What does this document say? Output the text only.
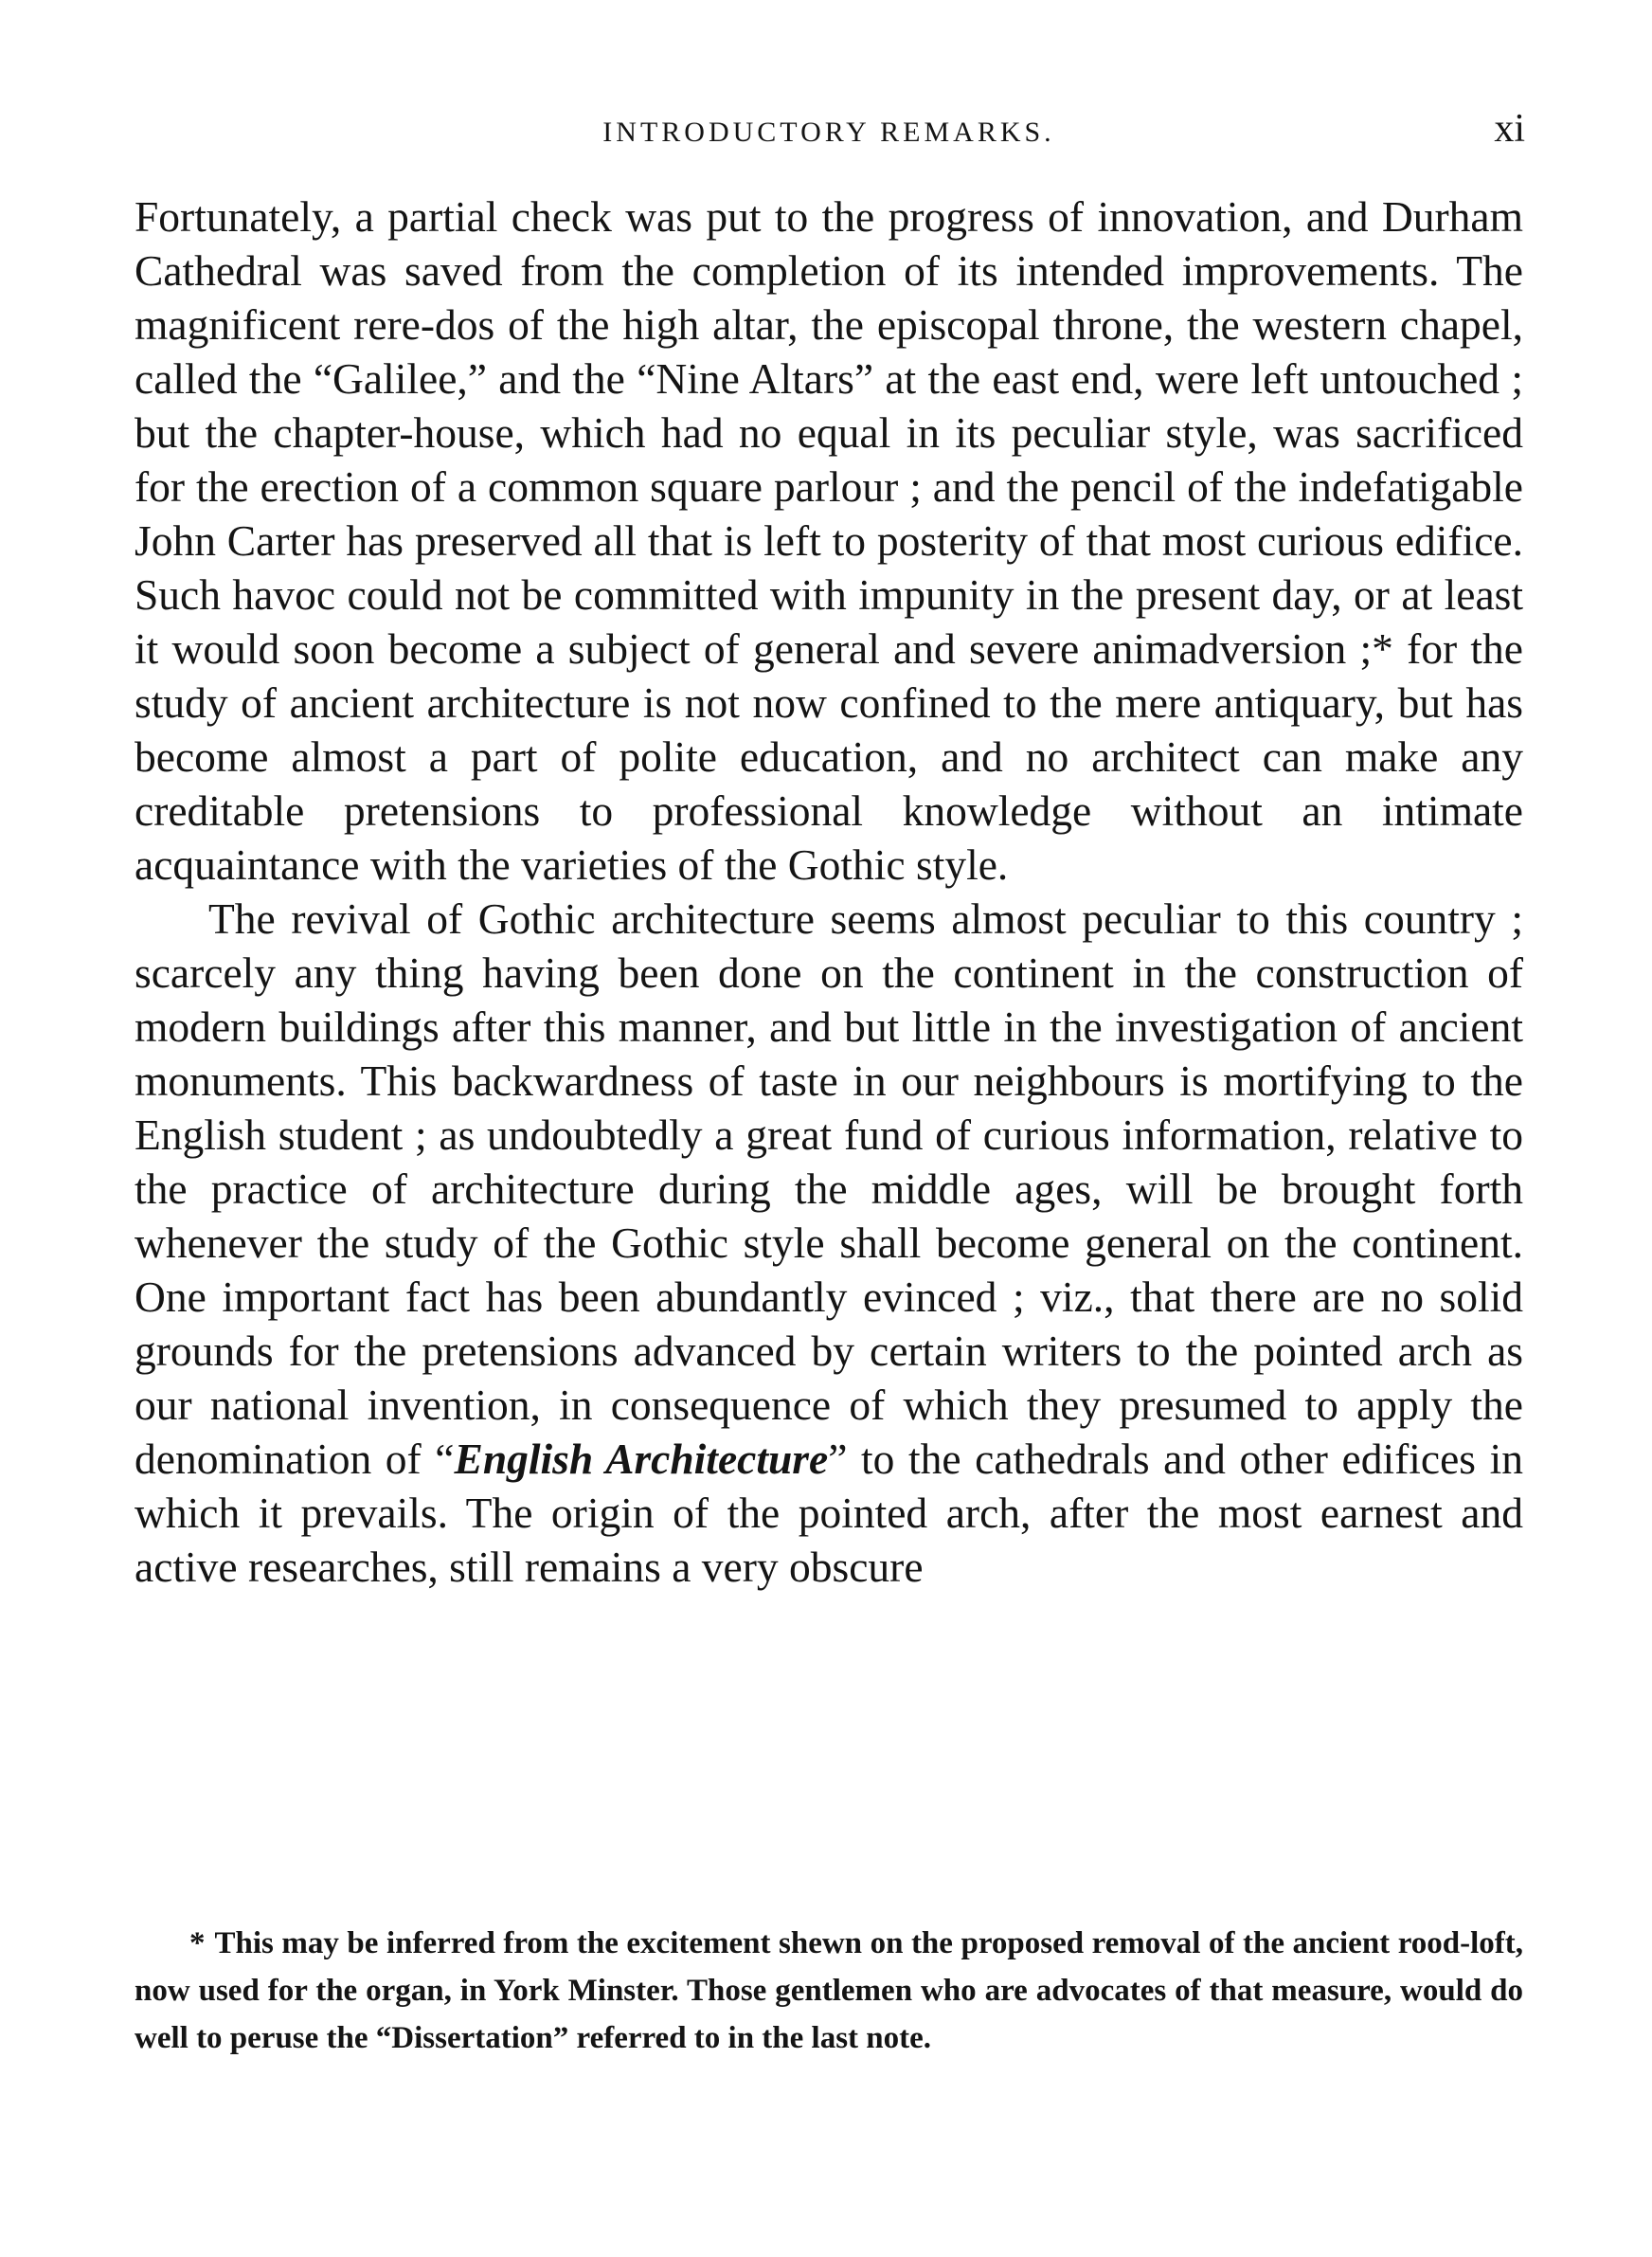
INTRODUCTORY REMARKS.	xi

Fortunately, a partial check was put to the progress of innovation, and Durham Cathedral was saved from the completion of its intended improvements. The magnificent rere-dos of the high altar, the episcopal throne, the western chapel, called the “Galilee,” and the “Nine Altars” at the east end, were left untouched ; but the chapter-house, which had no equal in its peculiar style, was sacrificed for the erection of a common square parlour ; and the pencil of the indefatigable John Carter has preserved all that is left to posterity of that most curious edifice. Such havoc could not be committed with impunity in the present day, or at least it would soon become a subject of general and severe animadversion ;* for the study of ancient architecture is not now confined to the mere antiquary, but has become almost a part of polite education, and no architect can make any creditable pretensions to professional knowledge without an intimate acquaintance with the varieties of the Gothic style.

The revival of Gothic architecture seems almost peculiar to this country ; scarcely any thing having been done on the continent in the construction of modern buildings after this manner, and but little in the investigation of ancient monuments. This backwardness of taste in our neighbours is mortifying to the English student ; as undoubtedly a great fund of curious information, relative to the practice of architecture during the middle ages, will be brought forth whenever the study of the Gothic style shall become general on the continent. One important fact has been abundantly evinced ; viz., that there are no solid grounds for the pretensions advanced by certain writers to the pointed arch as our national invention, in consequence of which they presumed to apply the denomination of “English Architecture” to the cathedrals and other edifices in which it prevails. The origin of the pointed arch, after the most earnest and active researches, still remains a very obscure

* This may be inferred from the excitement shewn on the proposed removal of the ancient rood-loft, now used for the organ, in York Minster. Those gentlemen who are advocates of that measure, would do well to peruse the “Dissertation” referred to in the last note.
